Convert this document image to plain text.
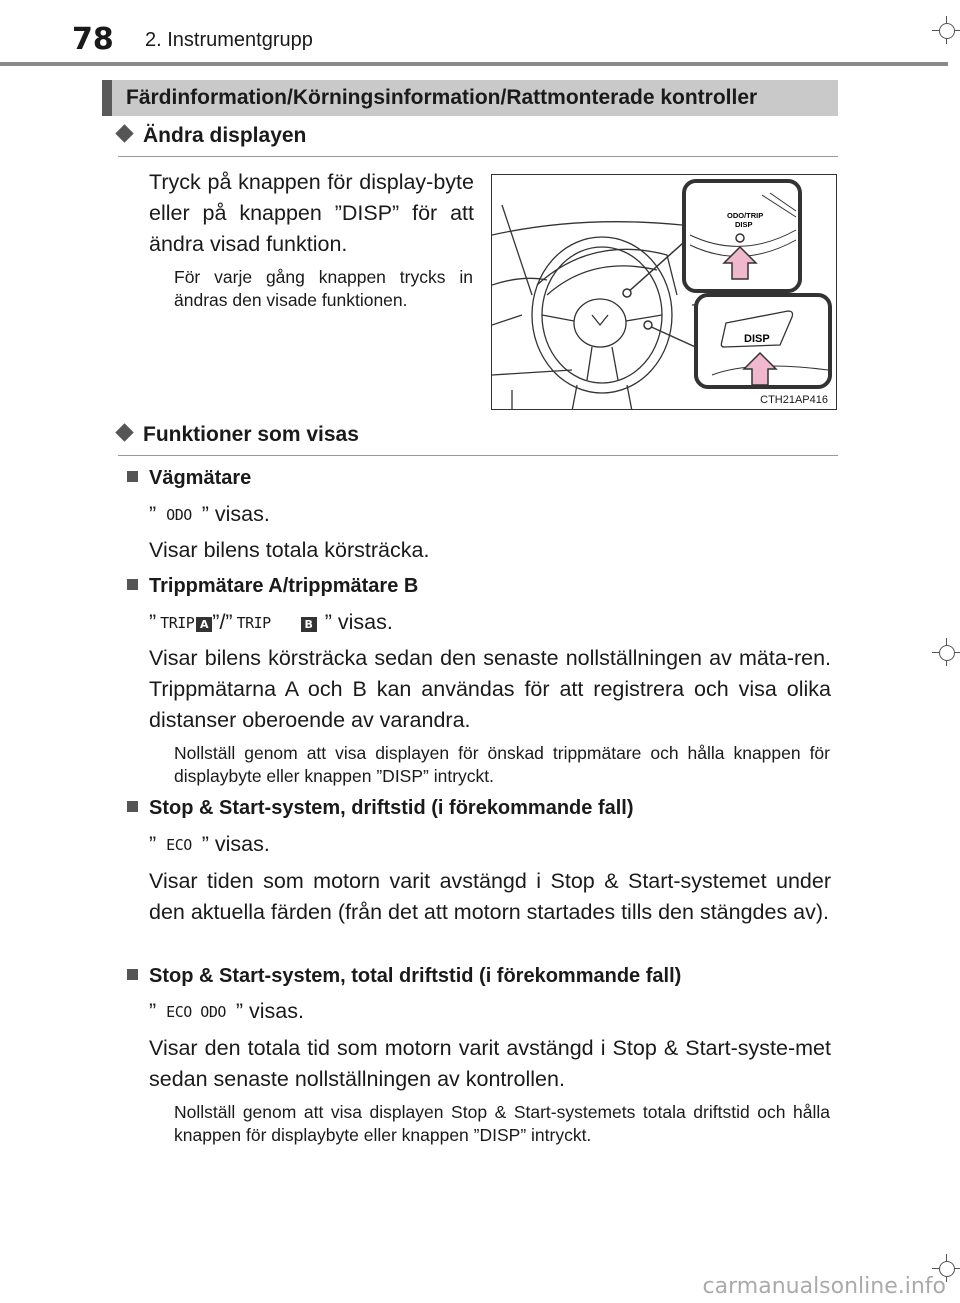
78 2. Instrumentgrupp
Färdinformation/Körningsinformation/Rattmonterade kontroller
Ändra displayen
Tryck på knappen för display-byte eller på knappen ”DISP” för att ändra visad funktion.
För varje gång knappen trycks in ändras den visade funktionen.
ODO/TRIP
DISP
DISP
CTH21AP416
Funktioner som visas
Vägmätare
” ODO ” visas.
Visar bilens totala körsträcka.
Trippmätare A/trippmätare B
” TRIP A ”/” TRIP	B ” visas.
Visar bilens körsträcka sedan den senaste nollställningen av mäta-ren. Trippmätarna A och B kan användas för att registrera och visa olika distanser oberoende av varandra.
Nollställ genom att visa displayen för önskad trippmätare och hålla knappen för displaybyte eller knappen ”DISP” intryckt.
Stop & Start-system, driftstid (i förekommande fall)
” ECO ” visas.
Visar tiden som motorn varit avstängd i Stop & Start-systemet under den aktuella färden (från det att motorn startades tills den stängdes av).
Stop & Start-system, total driftstid (i förekommande fall)
” ECO ODO ” visas.
Visar den totala tid som motorn varit avstängd i Stop & Start-syste-met sedan senaste nollställningen av kontrollen.
Nollställ genom att visa displayen Stop & Start-systemets totala driftstid och hålla knappen för displaybyte eller knappen ”DISP” intryckt.
carmanualsonline.info
